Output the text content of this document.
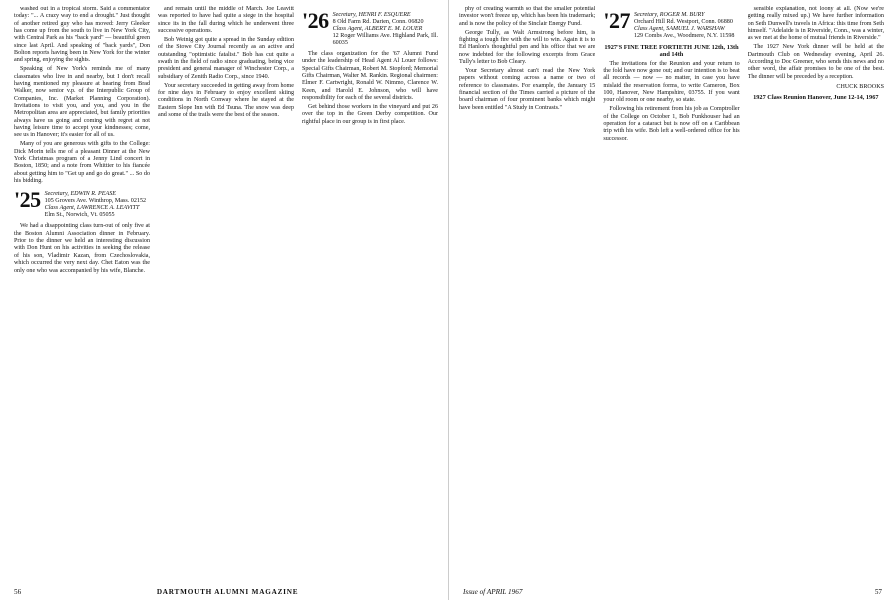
washed out in a tropical storm. Said a commentator today: "... A crazy way to end a drought." Just thought of another retired guy who has moved: Jerry Gleeker has come up from the south to live in New York City, with Central Park as his "back yard" — beautiful green since last April. And speaking of "back yards", Don Bolton reports having been in New York for the winter and spring, enjoying the sights.

Speaking of New York's reminds me of many classmates who live in and nearby, but I don't recall having mentioned my pleasure at hearing from Brad Walker, now senior v.p. of the Interpublic Group of Companies, Inc. (Market Planning Corporation). Invitations to visit you, and you, and you in the Metropolitan area are appreciated, but family priorities always have us going and coming with regret at not having leisure time to accept your kindnesses; come, see us in Hanover; it's easier for all of us.

Many of you are generous with gifts to the College: Dick Morin tells me of a pleasant Dinner at the New York Christmas program of a Jenny Lind concert in Boston, 1850; and a note from Whittier to his fiancée about getting him to "Get up and go do great." ... So do his bidding.

'25 Secretary, EDWIN R. PEASE
105 Grovers Ave. Winthrop, Mass. 02152
Class Agent, LAWRENCE A. LEAVITT
Elm St., Norwich, Vt. 05055

We had a disappointing class turn-out of only five at the Boston Alumni Association dinner in February. Prior to the dinner we held an interesting discussion with Don Hunt on his activities in seeking the release of his son, Vladimir Kazan, from Czechoslovakia, which occurred the very next day. Chet Eaton was the only one who was accompanied by his wife, Blanche.

and remain until the middle of March. Joe Leavitt was reported to have had quite a siege in the hospital since its in the fall during which he underwent three successive operations.

Bob Weinig got quite a spread in the Sunday edition of the Stowe City Journal recently as an active and outstanding "optimistic fatalist." Bob has cut quite a swath in the field of radio since graduating, being vice president and general manager of Winchester Corp., a subsidiary of Zenith Radio Corp., since 1940.

Your secretary succeeded in getting away from home for nine days in February to enjoy excellent skiing conditions in North Conway where he stayed at the Eastern Slope Inn with Ed Tsuna. The snow was deep and some of the trails were the best of the season.

'26 Secretary, HENRI F. ESQUERE
8 Old Farm Rd. Darien, Conn. 06820
Class Agent, ALBERT E. M. LOUER
12 Roger Williams Ave. Highland Park, Ill. 60035

The class organization for the '67 Alumni Fund under the leadership of Head Agent Al Louer follows: Special Gifts Chairman, Robert M. Stopford; Memorial Gifts Chairman, Walter M. Rankin. Regional chairmen: Elmer F. Cartwright, Ronald W. Nimmo, Clarence W. Keen, and Harold E. Johnson, who will have responsibility for each of the several districts.

Get behind those workers in the vineyard and put 26 over the top in the Green Derby competition. Our rightful place in our group is in first place.

56	DARTMOUTH ALUMNI MAGAZINE

phy of creating warmth so that the smaller potential investor won't freeze up, which has been his trademark; and is now the policy of the Sinclair Energy Fund.

George Tully, as Walt Armstrong before him, is fighting a tough fire with the will to win. Again it is to Ed Hanlon's thoughtful pen and his office that we are now indebted for the following excerpts from Grace Tully's letter to Bob Cleary.

Your Secretary almost can't read the New York papers without coming across a name or two of reference to classmates. For example, the January 15 financial section of the Times carried a picture of the board chairman of four prominent banks which might have been entitled "A Study in Contrasts."

'27 Secretary, ROGER M. BURY
Orchard Hill Rd. Westport, Conn. 06880
Class Agent, SAMUEL J. WARSHAW
129 Combs Ave., Woodmere, N.Y. 11598
1927'S FINE TREE FORTIETH JUNE 12th, 13th and 14th

The invitations for the Reunion and your return to the fold have now gone out; and our intention is to beat all records — now — no matter, in case you have mislaid the reservation forms, to write Cameron, Box 100, Hanover, New Hampshire, 03755. If you want your old room or one nearby, so state.

Following his retirement from his job as Comptroller of the College on October 1, Bob Funkhouser had an operation for a cataract but is now off on a Caribbean trip with his wife. Bob left a well-ordered office for his successor.

sensible explanation, not loony at all. (Now we're getting really mixed up.) We have further information on Seth Dunwell's travels in Africa: this time from Seth himself. "Adelaide is in Riverside, Conn., was a winter, as we met at the home of mutual friends in Riverside."

The 1927 New York dinner will be held at the Dartmouth Club on Wednesday evening, April 26. According to Doc Greener, who sends this news and no other word, the affair promises to be one of the best. The dinner will be preceded by a reception.

CHUCK BROOKS
1927 Class Reunion Hanover, June 12-14, 1967
Issue of APRIL 1967	57
